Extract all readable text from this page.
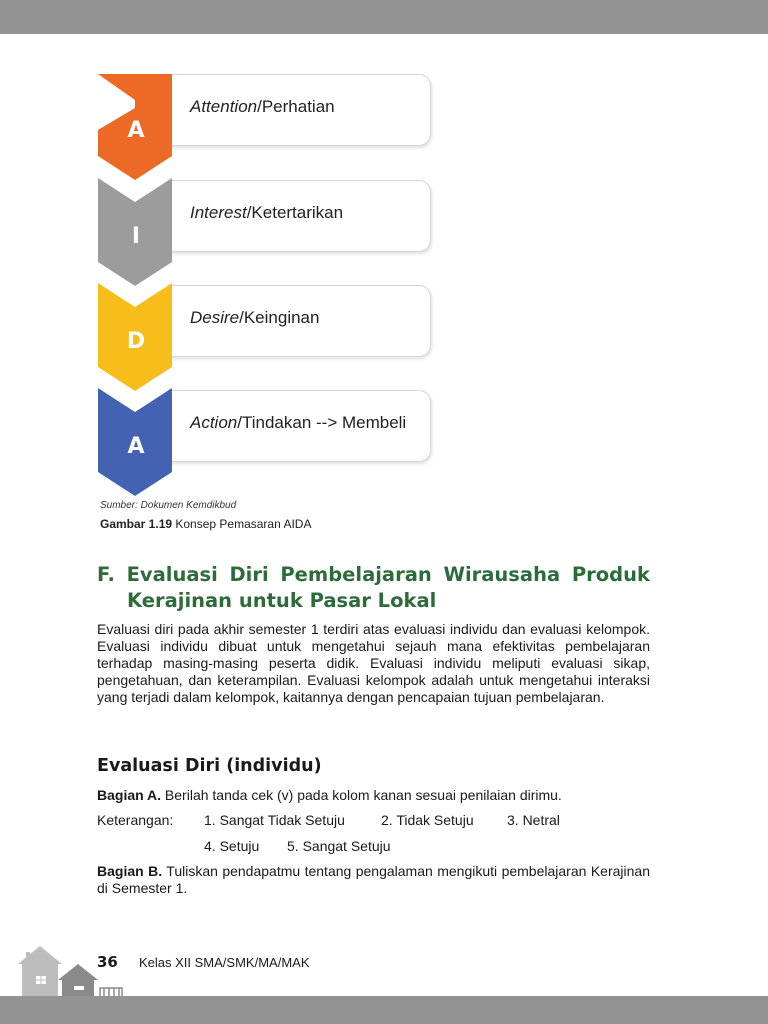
Attention/Perhatian
A
Interest/Ketertarikan
I
Desire/Keinginan
D
Action/Tindakan --> Membeli
A
Sumber: Dokumen Kemdikbud
Gambar 1.19 Konsep Pemasaran AIDA
F. Evaluasi Diri Pembelajaran Wirausaha Produk
Kerajinan untuk Pasar Lokal

Evaluasi diri pada akhir semester 1 terdiri atas evaluasi individu dan evaluasi kelompok. Evaluasi individu dibuat untuk mengetahui sejauh mana efektivitas pembelajaran terhadap masing-masing peserta didik. Evaluasi individu meliputi evaluasi sikap, pengetahuan, dan keterampilan. Evaluasi kelompok adalah untuk mengetahui interaksi yang terjadi dalam kelompok, kaitannya dengan pencapaian tujuan pembelajaran.

Evaluasi Diri (individu)
Bagian A. Berilah tanda cek (v) pada kolom kanan sesuai penilaian dirimu.
Keterangan: 1. Sangat Tidak Setuju	2. Tidak Setuju 3. Netral
4. Setuju 5. Sangat Setuju

Bagian B. Tuliskan pendapatmu tentang pengalaman mengikuti pembelajaran Kerajinan di Semester 1.

36 Kelas XII SMA/SMK/MA/MAK
